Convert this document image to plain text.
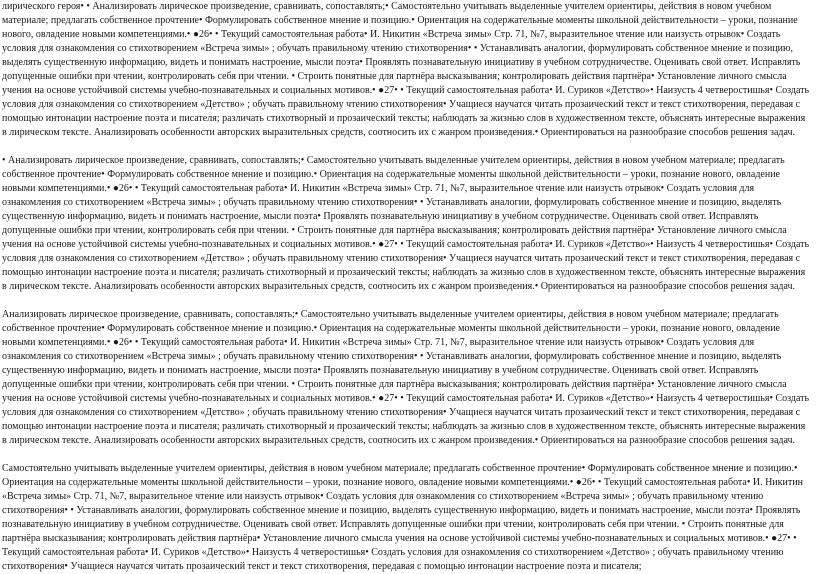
лирического героя• • Анализировать лирическое произведение, сравнивать, сопоставлять;• Самостоятельно учитывать выделенные учителем ориентиры, действия в новом учебном материале; предлагать собственное прочтение• Формулировать собственное мнение и позицию.• Ориентация на содержательные моменты школьной действительности – уроки, познание нового, овладение новыми компетенциями.• ●26• • Текущий самостоятельная работа• И. Никитин «Встреча зимы» Стр. 71, №7, выразительное чтение или наизусть отрывок• Создать условия для ознакомления со стихотворением «Встреча зимы» ; обучать правильному чтению стихотворения• • Устанавливать аналогии, формулировать собственное мнение и позицию, выделять существенную информацию, видеть и понимать настроение, мысли поэта• Проявлять познавательную инициативу в учебном сотрудничестве. Оценивать свой ответ. Исправлять допущенные ошибки при чтении, контролировать себя при чтении. • Строить понятные для партнёра высказывания; контролировать действия партнёра• Установление личного смысла учения на основе устойчивой системы учебно-познавательных и социальных мотивов.• ●27• • Текущий самостоятельная работа• И. Суриков «Детство»• Наизусть 4 четверостишья• Создать условия для ознакомления со стихотворением «Детство» ; обучать правильному чтению стихотворения• Учащиеся научатся читать прозаический текст и текст стихотворения, передавая с помощью интонации настроение поэта и писателя; различать стихотворный и прозаический тексты; наблюдать за жизнью слов в художественном тексте, объяснять интересные выражения в лирическом тексте. Анализировать особенности авторских выразительных средств, соотносить их с жанром произведения.• Ориентироваться на разнообразие способов решения задач.

• Анализировать лирическое произведение, сравнивать, сопоставлять;• Самостоятельно учитывать выделенные учителем ориентиры, действия в новом учебном материале; предлагать собственное прочтение• Формулировать собственное мнение и позицию.• Ориентация на содержательные моменты школьной действительности – уроки, познание нового, овладение новыми компетенциями.• ●26• • Текущий самостоятельная работа• И. Никитин «Встреча зимы» Стр. 71, №7, выразительное чтение или наизусть отрывок• Создать условия для ознакомления со стихотворением «Встреча зимы» ; обучать правильному чтению стихотворения• • Устанавливать аналогии, формулировать собственное мнение и позицию, выделять существенную информацию, видеть и понимать настроение, мысли поэта• Проявлять познавательную инициативу в учебном сотрудничестве. Оценивать свой ответ. Исправлять допущенные ошибки при чтении, контролировать себя при чтении. • Строить понятные для партнёра высказывания; контролировать действия партнёра• Установление личного смысла учения на основе устойчивой системы учебно-познавательных и социальных мотивов.• ●27• • Текущий самостоятельная работа• И. Суриков «Детство»• Наизусть 4 четверостишья• Создать условия для ознакомления со стихотворением «Детство» ; обучать правильному чтению стихотворения• Учащиеся научатся читать прозаический текст и текст стихотворения, передавая с помощью интонации настроение поэта и писателя; различать стихотворный и прозаический тексты; наблюдать за жизнью слов в художественном тексте, объяснять интересные выражения в лирическом тексте. Анализировать особенности авторских выразительных средств, соотносить их с жанром произведения.• Ориентироваться на разнообразие способов решения задач.

Анализировать лирическое произведение, сравнивать, сопоставлять;• Самостоятельно учитывать выделенные учителем ориентиры, действия в новом учебном материале; предлагать собственное прочтение• Формулировать собственное мнение и позицию.• Ориентация на содержательные моменты школьной действительности – уроки, познание нового, овладение новыми компетенциями.• ●26• • Текущий самостоятельная работа• И. Никитин «Встреча зимы» Стр. 71, №7, выразительное чтение или наизусть отрывок• Создать условия для ознакомления со стихотворением «Встреча зимы» ; обучать правильному чтению стихотворения• • Устанавливать аналогии, формулировать собственное мнение и позицию, выделять существенную информацию, видеть и понимать настроение, мысли поэта• Проявлять познавательную инициативу в учебном сотрудничестве. Оценивать свой ответ. Исправлять допущенные ошибки при чтении, контролировать себя при чтении. • Строить понятные для партнёра высказывания; контролировать действия партнёра• Установление личного смысла учения на основе устойчивой системы учебно-познавательных и социальных мотивов.• ●27• • Текущий самостоятельная работа• И. Суриков «Детство»• Наизусть 4 четверостишья• Создать условия для ознакомления со стихотворением «Детство» ; обучать правильному чтению стихотворения• Учащиеся научатся читать прозаический текст и текст стихотворения, передавая с помощью интонации настроение поэта и писателя; различать стихотворный и прозаический тексты; наблюдать за жизнью слов в художественном тексте, объяснять интересные выражения в лирическом тексте. Анализировать особенности авторских выразительных средств, соотносить их с жанром произведения.• Ориентироваться на разнообразие способов решения задач.

Самостоятельно учитывать выделенные учителем ориентиры, действия в новом учебном материале; предлагать собственное прочтение• Формулировать собственное мнение и позицию.• Ориентация на содержательные моменты школьной действительности – уроки, познание нового, овладение новыми компетенциями.• ●26• • Текущий самостоятельная работа• И. Никитин «Встреча зимы» Стр. 71, №7, выразительное чтение или наизусть отрывок• Создать условия для ознакомления со стихотворением «Встреча зимы» ; обучать правильному чтению стихотворения• • Устанавливать аналогии, формулировать собственное мнение и позицию, выделять существенную информацию, видеть и понимать настроение, мысли поэта• Проявлять познавательную инициативу в учебном сотрудничестве. Оценивать свой ответ. Исправлять допущенные ошибки при чтении, контролировать себя при чтении. • Строить понятные для партнёра высказывания; контролировать действия партнёра• Установление личного смысла учения на основе устойчивой системы учебно-познавательных и социальных мотивов.• ●27• • Текущий самостоятельная работа• И. Суриков «Детство»• Наизусть 4 четверостишья• Создать условия для ознакомления со стихотворением «Детство» ; обучать правильному чтению стихотворения• Учащиеся научатся читать прозаический текст и текст стихотворения, передавая с помощью интонации настроение поэта и писателя;
